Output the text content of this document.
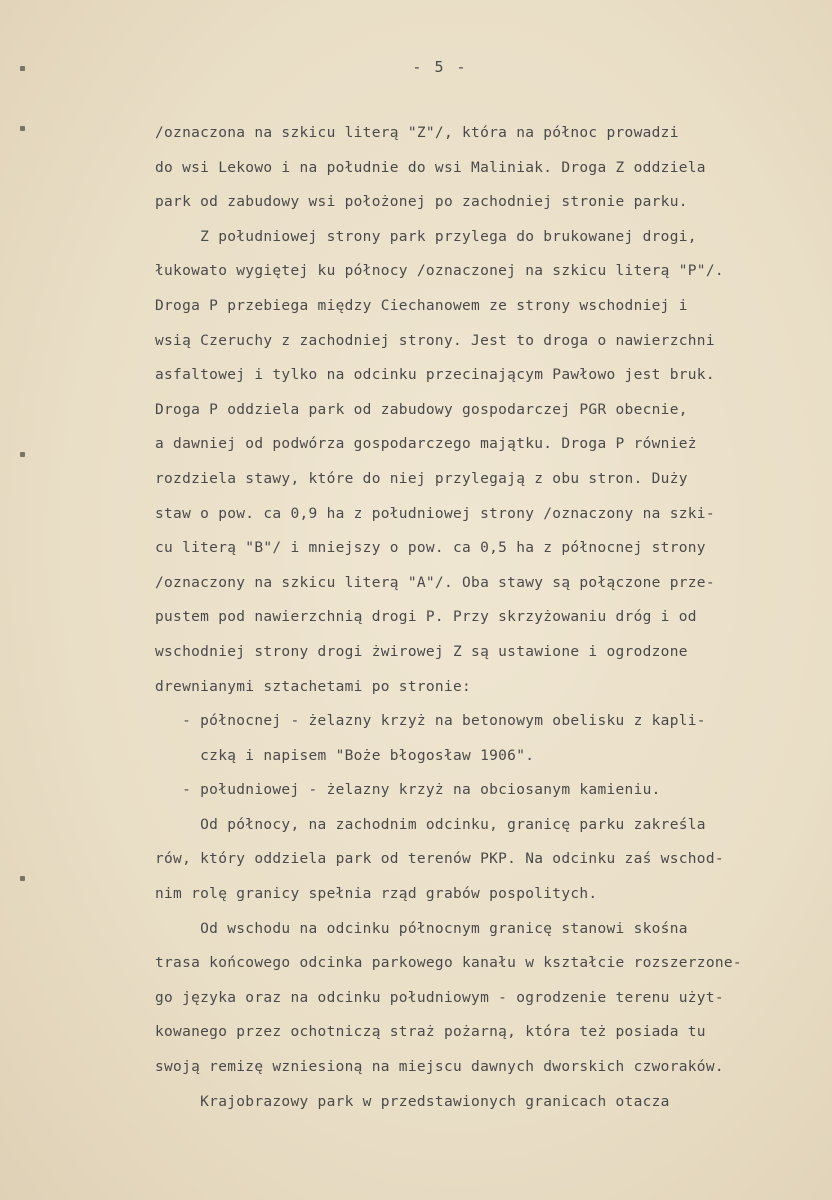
- 5 -
/oznaczona na szkicu literą "Z"/, która na północ prowadzi
do wsi Lekowo i na południe do wsi Maliniak. Droga Z oddziela
park od zabudowy wsi położonej po zachodniej stronie parku.
Z południowej strony park przylega do brukowanej drogi,
łukowato wygiętej ku północy /oznaczonej na szkicu literą "P"/.
Droga P przebiega między Ciechanowem ze strony wschodniej i
wsią Czeruchy z zachodniej strony. Jest to droga o nawierzchni
asfaltowej i tylko na odcinku przecinającym Pawłowo jest bruk.
Droga P oddziela park od zabudowy gospodarczej PGR obecnie,
a dawniej od podwórza gospodarczego majątku. Droga P również
rozdziela stawy, które do niej przylegają z obu stron. Duży
staw o pow. ca 0,9 ha z południowej strony /oznaczony na szki-
cu literą "B"/ i mniejszy o pow. ca 0,5 ha z północnej strony
/oznaczony na szkicu literą "A"/. Oba stawy są połączone prze-
pustem pod nawierzchnią drogi P. Przy skrzyżowaniu dróg i od
wschodniej strony drogi żwirowej Z są ustawione i ogrodzone
drewnianymi sztachetami po stronie:
- północnej - żelazny krzyż na betonowym obelisku z kapli-
czką i napisem "Boże błogosław 1906".
- południowej - żelazny krzyż na obciosanym kamieniu.
Od północy, na zachodnim odcinku, granicę parku zakreśla
rów, który oddziela park od terenów PKP. Na odcinku zaś wschod-
nim rolę granicy spełnia rząd grabów pospolitych.
Od wschodu na odcinku północnym granicę stanowi skośna
trasa końcowego odcinka parkowego kanału w kształcie rozszerzone-
go języka oraz na odcinku południowym - ogrodzenie terenu użyt-
kowanego przez ochotniczą straż pożarną, która też posiada tu
swoją remizę wzniesioną na miejscu dawnych dworskich czworaków.
Krajobrazowy park w przedstawionych granicach otacza
